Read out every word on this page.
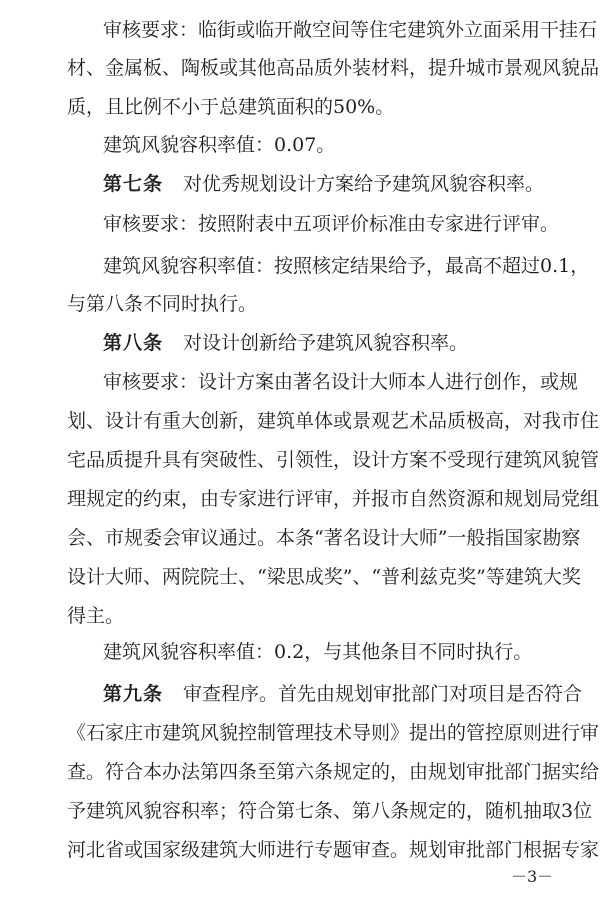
审核要求：临街或临开敞空间等住宅建筑外立面采用干挂石
材、金属板、陶板或其他高品质外装材料，提升城市景观风貌品
质，且比例不小于总建筑面积的50%。
建筑风貌容积率值：0.07。
第七条 对优秀规划设计方案给予建筑风貌容积率。
审核要求：按照附表中五项评价标准由专家进行评审。
建筑风貌容积率值：按照核定结果给予，最高不超过0.1，
与第八条不同时执行。
第八条 对设计创新给予建筑风貌容积率。
审核要求：设计方案由著名设计大师本人进行创作，或规
划、设计有重大创新，建筑单体或景观艺术品质极高，对我市住
宅品质提升具有突破性、引领性，设计方案不受现行建筑风貌管
理规定的约束，由专家进行评审，并报市自然资源和规划局党组
会、市规委会审议通过。本条“著名设计大师”一般指国家勘察
设计大师、两院院士、“梁思成奖”、“普利兹克奖”等建筑大奖
得主。
建筑风貌容积率值：0.2，与其他条目不同时执行。
第九条 审查程序。首先由规划审批部门对项目是否符合
《石家庄市建筑风貌控制管理技术导则》提出的管控原则进行审
查。符合本办法第四条至第六条规定的，由规划审批部门据实给
予建筑风貌容积率；符合第七条、第八条规定的，随机抽取3位
河北省或国家级建筑大师进行专题审查。规划审批部门根据专家
－3－
